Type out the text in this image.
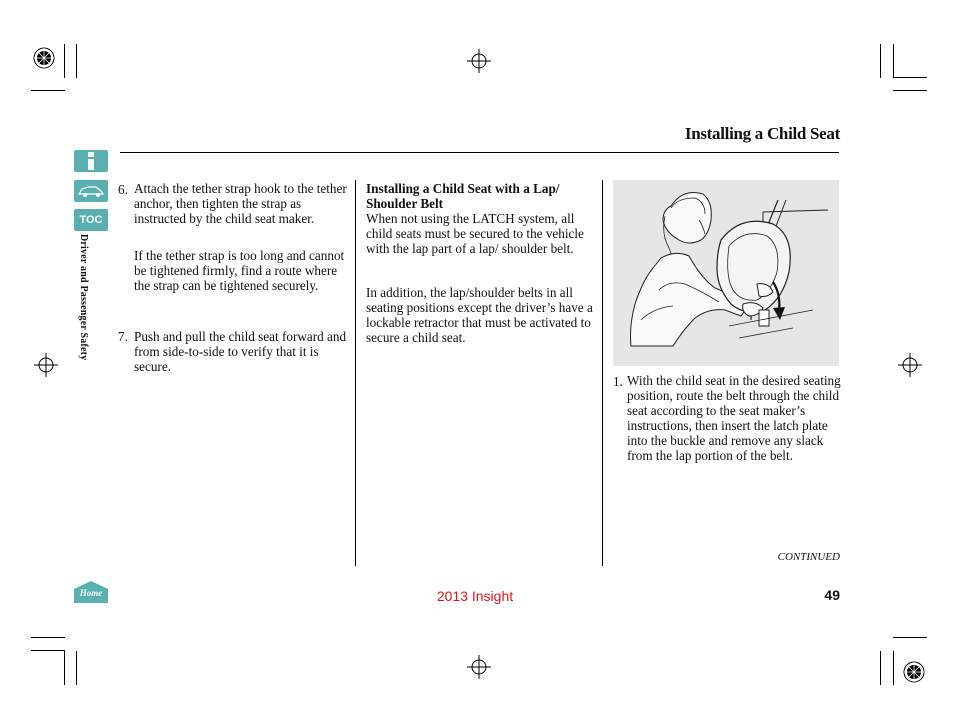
Installing a Child Seat
TOC
Driver and Passenger Safety
Home
6. Attach the tether strap hook to the tether anchor, then tighten the strap as instructed by the child seat maker.
If the tether strap is too long and cannot be tightened firmly, find a route where the strap can be tightened securely.
7. Push and pull the child seat forward and from side-to-side to verify that it is secure.
Installing a Child Seat with a Lap/ Shoulder Belt
When not using the LATCH system, all child seats must be secured to the vehicle with the lap part of a lap/ shoulder belt.
In addition, the lap/shoulder belts in all seating positions except the driver’s have a lockable retractor that must be activated to secure a child seat.
1. With the child seat in the desired seating position, route the belt through the child seat according to the seat maker’s instructions, then insert the latch plate into the buckle and remove any slack from the lap portion of the belt.
CONTINUED
2013 Insight	49
